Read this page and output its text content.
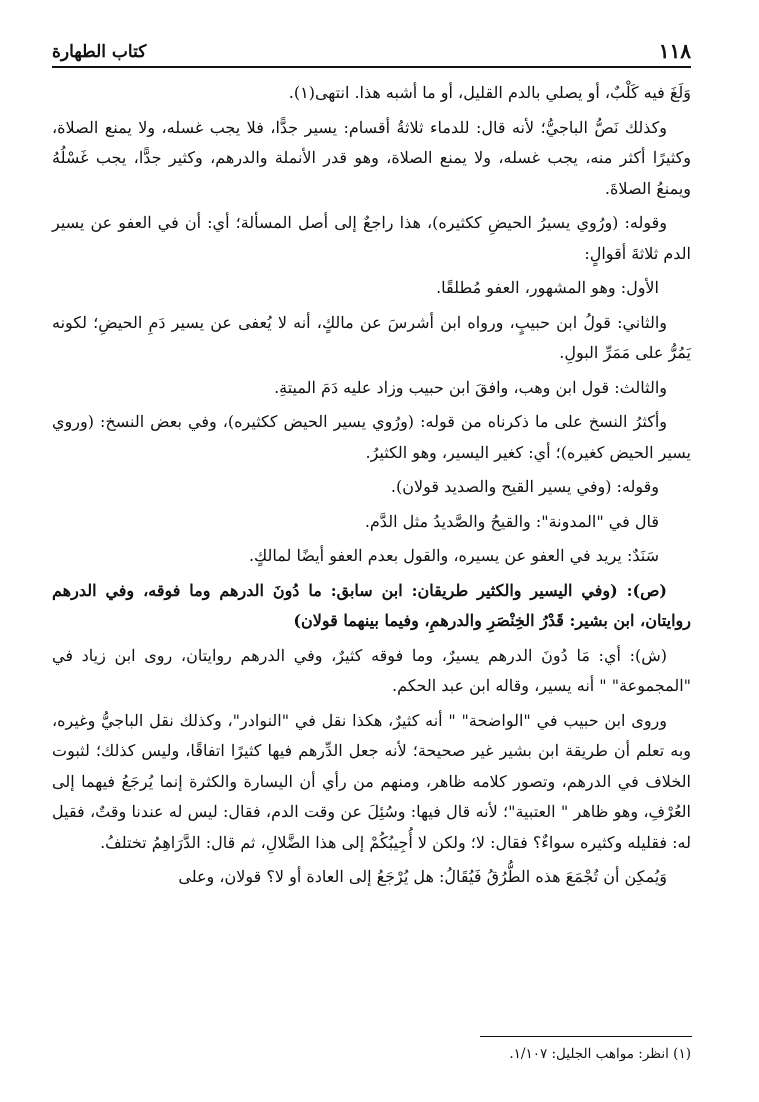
١١٨
كتاب الطهارة

وَلَغَ فيه كَلْبٌ، أو يصلي بالدم القليل، أو ما أشبه هذا. انتهى(١).

وكذلك نَصُّ الباجيُّ؛ لأنه قال: للدماء ثلاثةُ أقسام: يسير جدًّا، فلا يجب غسله، ولا يمنع الصلاة، وكثيرًا أكثر منه، يجب غسله، ولا يمنع الصلاة، وهو قدر الأنملة والدرهم، وكثير جدًّا، يجب غَسْلُهُ ويمنعُ الصلاةَ.

وقوله: (ورُوي يسيرُ الحيضِ ككثيره)، هذا راجعٌ إلى أصل المسألة؛ أي: أن في العفو عن يسير الدم ثلاثةَ أقوالٍ:

الأول: وهو المشهور، العفو مُطلقًا.

والثاني: قولُ ابن حبيبٍ، ورواه ابن أشرسَ عن مالكٍ، أنه لا يُعفى عن يسير دَمِ الحيضِ؛ لكونه يَمُرُّ على مَمَرِّ البولِ.

والثالث: قول ابن وهب، وافقَ ابن حبيب وزاد عليه دَمَ الميتةِ.

وأكثرُ النسخ على ما ذكرناه من قوله: (ورُوي يسير الحيض ككثيره)، وفي بعض النسخ: (وروي يسير الحيض كغيره)؛ أي: كغير اليسير، وهو الكثيرُ.

وقوله: (وفي يسير القيح والصديد قولان).

قال في "المدونة": والقيحُ والصَّديدُ مثل الدَّم.

سَنَدٌ: يريد في العفو عن يسيره، والقول بعدم العفو أيضًا لمالكٍ.

(ص): (وفي اليسير والكثير طريقان: ابن سابق: ما دُونَ الدرهم وما فوقه، وفي الدرهم روايتان، ابن بشير: قَدْرُ الخِنْصَرِ والدرهمِ، وفيما بينهما قولان)

(ش): أي: مَا دُونَ الدرهم يسيرٌ، وما فوقه كثيرٌ، وفي الدرهم روايتان، روى ابن زياد في "المجموعة" " أنه يسير، وقاله ابن عبد الحكم.

وروى ابن حبيب في "الواضحة" " أنه كثيرٌ، هكذا نقل في "النوادر"، وكذلك نقل الباجيُّ وغيره، وبه تعلم أن طريقة ابن بشير غير صحيحة؛ لأنه جعل الدِّرهم فيها كثيرًا اتفاقًا، وليس كذلك؛ لثبوت الخلاف في الدرهم، وتصور كلامه ظاهر، ومنهم من رأي أن اليسارة والكثرة إنما يُرجَعُ فيهما إلى العُرْفِ، وهو ظاهر " العتبية"؛ لأنه قال فيها: وسُئِلَ عن وقت الدم، فقال: ليس له عندنا وقتٌ، فقيل له: فقليله وكثيره سواءٌ؟ فقال: لا؛ ولكن لا أُجِيبُكُمْ إلى هذا الضَّلالِ، ثم قال: الدَّرَاهِمُ تختلفُ.

وَيُمكِن أن تُجْمَعَ هذه الطُّرُقُ فَيُقَالُ: هل يُرْجَعُ إلى العادة أو لا؟ قولان، وعلى

(١) انظر: مواهب الجليل: ١/١٠٧.
